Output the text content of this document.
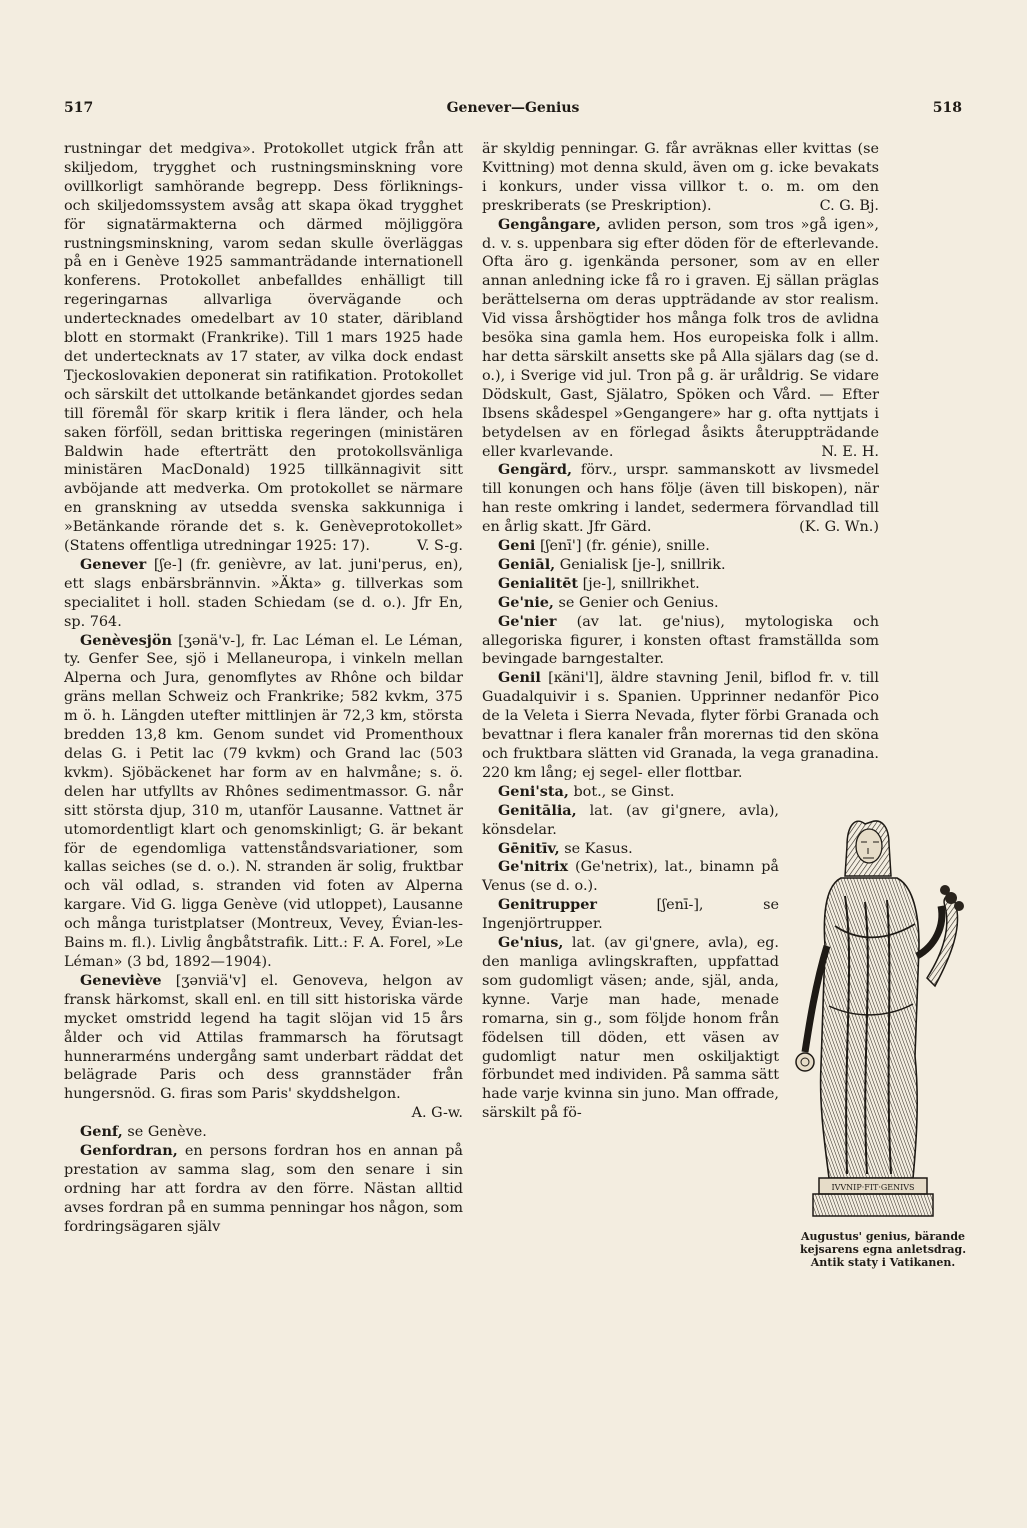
517	Genever—Genius	518

rustningar det medgiva». Protokollet utgick från att skiljedom, trygghet och rustningsminskning vore ovillkorligt samhörande begrepp. Dess förliknings- och skiljedomssystem avsåg att skapa ökad trygghet för signatärmakterna och därmed möjliggöra rustningsminskning, varom sedan skulle överläggas på en i Genève 1925 sammanträdande internationell konferens. Protokollet anbefalldes enhälligt till regeringarnas allvarliga övervägande och undertecknades omedelbart av 10 stater, däribland blott en stormakt (Frankrike). Till 1 mars 1925 hade det undertecknats av 17 stater, av vilka dock endast Tjeckoslovakien deponerat sin ratifikation. Protokollet och särskilt det uttolkande betänkandet gjordes sedan till föremål för skarp kritik i flera länder, och hela saken förföll, sedan brittiska regeringen (ministären Baldwin hade efterträtt den protokollsvänliga ministären MacDonald) 1925 tillkännagivit sitt avböjande att medverka. Om protokollet se närmare en granskning av utsedda svenska sakkunniga i »Betänkande rörande det s. k. Genèveprotokollet» (Statens offentliga utredningar 1925: 17).	V. S-g.

Genever [ʃe-] (fr. genièvre, av lat. juni'perus, en), ett slags enbärsbrännvin. »Äkta» g. tillverkas som specialitet i holl. staden Schiedam (se d. o.). Jfr En, sp. 764.

Genèvesjön [ʒənä'v-], fr. Lac Léman el. Le Léman, ty. Genfer See, sjö i Mellaneuropa, i vinkeln mellan Alperna och Jura, genomflytes av Rhône och bildar gräns mellan Schweiz och Frankrike; 582 kvkm, 375 m ö. h. Längden utefter mittlinjen är 72,3 km, största bredden 13,8 km. Genom sundet vid Promenthoux delas G. i Petit lac (79 kvkm) och Grand lac (503 kvkm). Sjöbäckenet har form av en halvmåne; s. ö. delen har utfyllts av Rhônes sedimentmassor. G. når sitt största djup, 310 m, utanför Lausanne. Vattnet är utomordentligt klart och genomskinligt; G. är bekant för de egendomliga vattenståndsvariationer, som kallas seiches (se d. o.). N. stranden är solig, fruktbar och väl odlad, s. stranden vid foten av Alperna kargare. Vid G. ligga Genève (vid utloppet), Lausanne och många turistplatser (Montreux, Vevey, Évian-les-Bains m. fl.). Livlig ångbåtstrafik. Litt.: F. A. Forel, »Le Léman» (3 bd, 1892—1904).

Geneviève [ʒənviä'v] el. Genoveva, helgon av fransk härkomst, skall enl. en till sitt historiska värde mycket omstridd legend ha tagit slöjan vid 15 års ålder och vid Attilas frammarsch ha förutsagt hunnerarméns undergång samt underbart räddat det belägrade Paris och dess grannstäder från hungersnöd. G. firas som Paris' skyddshelgon.
A. G-w.

Genf, se Genève.

Genfordran, en persons fordran hos en annan på prestation av samma slag, som den senare i sin ordning har att fordra av den förre. Nästan alltid avses fordran på en summa penningar hos någon, som fordringsägaren själv

är skyldig penningar. G. får avräknas eller kvittas (se Kvittning) mot denna skuld, även om g. icke bevakats i konkurs, under vissa villkor t. o. m. om den preskriberats (se Preskription).	C. G. Bj.

Gengångare, avliden person, som tros »gå igen», d. v. s. uppenbara sig efter döden för de efterlevande. Ofta äro g. igenkända personer, som av en eller annan anledning icke få ro i graven. Ej sällan präglas berättelserna om deras uppträdande av stor realism. Vid vissa årshögtider hos många folk tros de avlidna besöka sina gamla hem. Hos europeiska folk i allm. har detta särskilt ansetts ske på Alla själars dag (se d. o.), i Sverige vid jul. Tron på g. är uråldrig. Se vidare Dödskult, Gast, Själatro, Spöken och Vård. — Efter Ibsens skådespel »Gengangere» har g. ofta nyttjats i betydelsen av en förlegad åsikts återuppträdande eller kvarlevande.	N. E. H.

Gengärd, förv., urspr. sammanskott av livsmedel till konungen och hans följe (även till biskopen), när han reste omkring i landet, sedermera förvandlad till en årlig skatt. Jfr Gärd.	(K. G. Wn.)

Geni [ʃenī'] (fr. génie), snille.

Geniāl, Genialisk [je-], snillrik.

Genialitēt [je-], snillrikhet.

Ge'nie, se Genier och Genius.

Ge'nier (av lat. ge'nius), mytologiska och allegoriska figurer, i konsten oftast framställda som bevingade barngestalter.

Genil [ĸäni'l], äldre stavning Jenil, biflod fr. v. till Guadalquivir i s. Spanien. Upprinner nedanför Pico de la Veleta i Sierra Nevada, flyter förbi Granada och bevattnar i flera kanaler från morernas tid den sköna och fruktbara slätten vid Granada, la vega granadina. 220 km lång; ej segel- eller flottbar.

Geni'sta, bot., se Ginst.

IVVNIP·FIT·GENIVS
Augustus' genius, bärande kejsarens egna anletsdrag. Antik staty i Vatikanen.

Genitālia, lat. (av gi'gnere, avla), könsdelar.

Gēnitīv, se Kasus.

Ge'nitrix (Ge'netrix), lat., binamn på Venus (se d. o.).

Genitrupper	[ʃenī-], se Ingenjörtrupper.

Ge'nius, lat. (av gi'gnere, avla), eg. den manliga avlingskraften, uppfattad som gudomligt väsen; ande, själ, anda, kynne. Varje man hade, menade romarna, sin g., som följde honom från födelsen till döden, ett väsen av gudomligt natur men oskiljaktigt förbundet med individen. På samma sätt hade varje kvinna sin juno. Man offrade, särskilt på fö-
